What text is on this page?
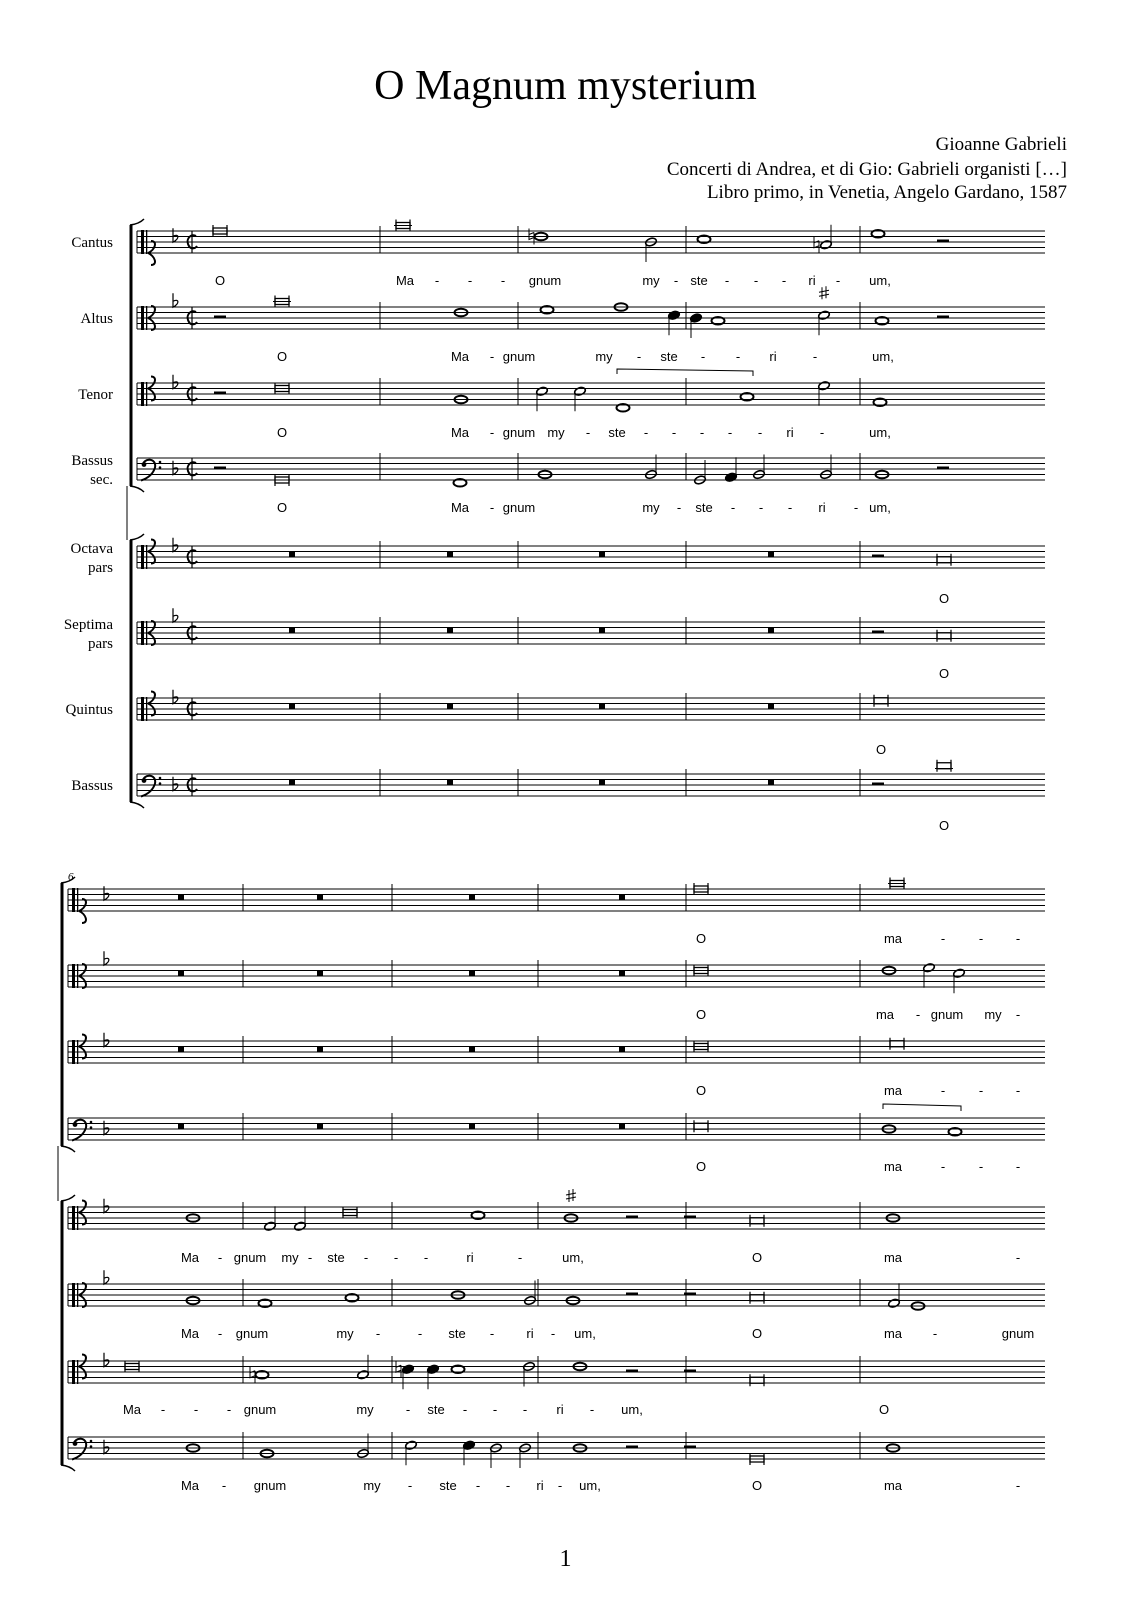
O Magnum mysterium
Gioanne Gabrieli
Concerti di Andrea, et di Gio: Gabrieli organisti […]
Libro primo, in Venetia, Angelo Gardano, 1587
O	Ma - - - gnum	my - ste - - - ri - um,
Cantus
O	Ma - gnum	my - ste - - ri	-	um,
Altus
O	Ma - gnum my - ste - - - - - ri -	um,
Tenor
O	Ma - gnum	my - ste - - - ri - um,
Bassus
sec.
O
Octava
pars
O
Septima
pars
O
Quintus
O
Bassus
O	ma	-	-	-
O	ma - gnum my -
O	ma	-	-	-
O	ma	-	-	-
Ma - gnum my - ste - - -	ri	-	um,	O	ma	-
Ma - gnum	my -	- ste - ri - um,	O	ma -	gnum
Ma - - - gnum	my - ste - - - ri - um,	O
Ma - gnum	my - ste - - ri - um,	O	ma	-
6
1
